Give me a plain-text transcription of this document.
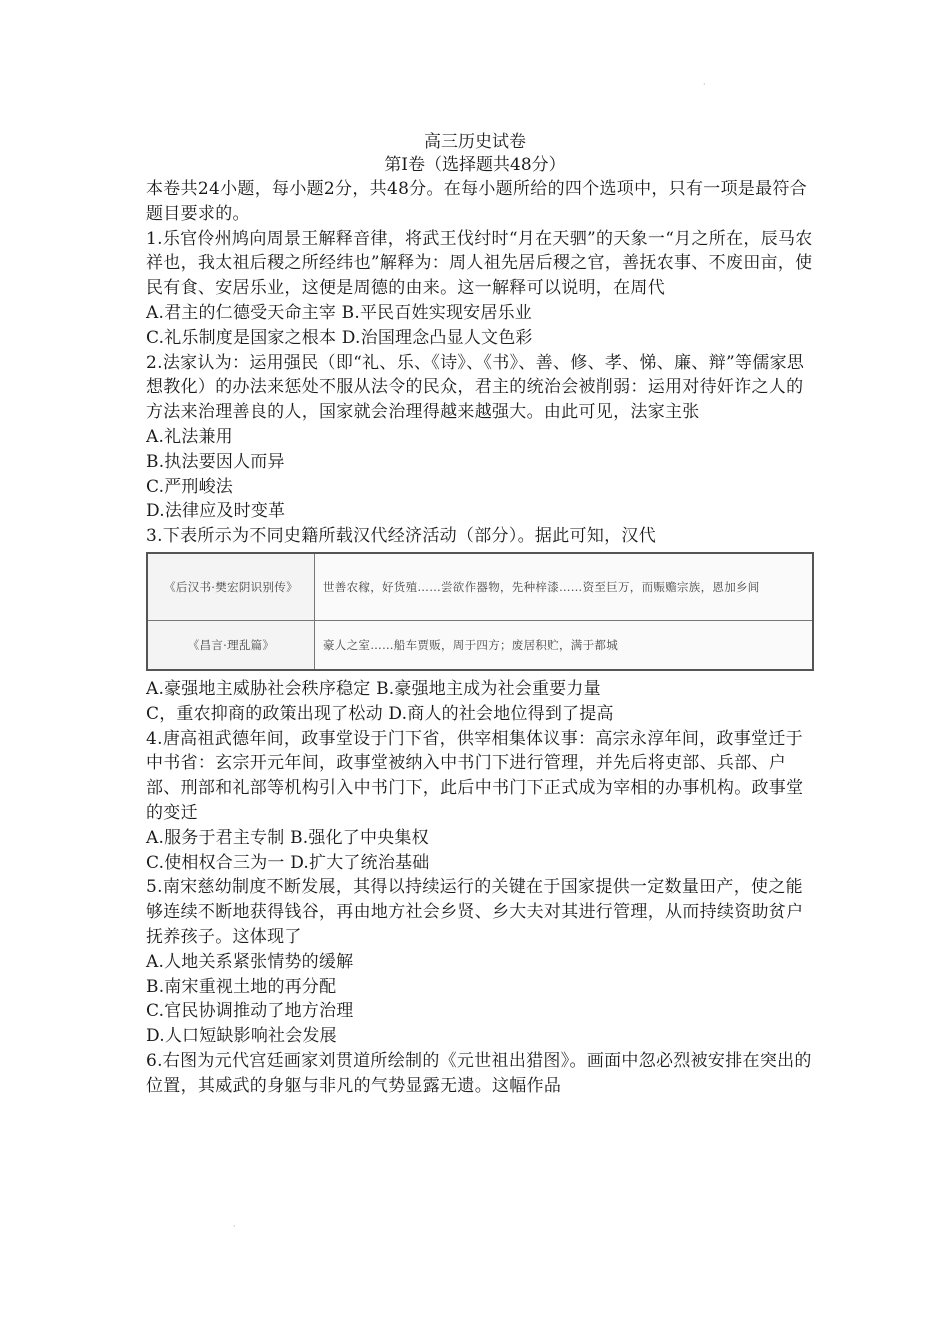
高三历史试卷
第Ⅰ卷（选择题共48分）

本卷共24小题，每小题2分，共48分。在每小题所给的四个选项中，只有一项是最符合题目要求的。

1.乐官伶州鸠向周景王解释音律，将武王伐纣时“月在天驷”的天象一“月之所在，辰马农祥也，我太祖后稷之所经纬也”解释为：周人祖先居后稷之官，善抚农事、不废田亩，使民有食、安居乐业，这便是周德的由来。这一解释可以说明，在周代

A.君主的仁德受天命主宰 B.平民百姓实现安居乐业

C.礼乐制度是国家之根本 D.治国理念凸显人文色彩

2.法家认为：运用强民（即“礼、乐、《诗》、《书》、善、修、孝、悌、廉、辩”等儒家思想教化）的办法来惩处不服从法令的民众，君主的统治会被削弱：运用对待奸诈之人的方法来治理善良的人，国家就会治理得越来越强大。由此可见，法家主张

A.礼法兼用

B.执法要因人而异

C.严刑峻法

D.法律应及时变革

3.下表所示为不同史籍所载汉代经济活动（部分）。据此可知，汉代

《后汉书·樊宏阴识别传》	世善农稼，好货殖……尝欲作器物，先种梓漆……资至巨万，而赈赡宗族，恩加乡闾
《昌言·理乱篇》	豪人之室……船车贾贩，周于四方；废居积贮，满于都城

A.豪强地主威胁社会秩序稳定 B.豪强地主成为社会重要力量

C，重农抑商的政策出现了松动 D.商人的社会地位得到了提高

4.唐高祖武德年间，政事堂设于门下省，供宰相集体议事：高宗永淳年间，政事堂迁于中书省：玄宗开元年间，政事堂被纳入中书门下进行管理，并先后将吏部、兵部、户部、刑部和礼部等机构引入中书门下，此后中书门下正式成为宰相的办事机构。政事堂的变迁

A.服务于君主专制 B.强化了中央集权

C.使相权合三为一 D.扩大了统治基础

5.南宋慈幼制度不断发展，其得以持续运行的关键在于国家提供一定数量田产，使之能够连续不断地获得钱谷，再由地方社会乡贤、乡大夫对其进行管理，从而持续资助贫户抚养孩子。这体现了

A.人地关系紧张情势的缓解

B.南宋重视土地的再分配

C.官民协调推动了地方治理

D.人口短缺影响社会发展

6.右图为元代宫廷画家刘贯道所绘制的《元世祖出猎图》。画面中忽必烈被安排在突出的位置，其威武的身躯与非凡的气势显露无遗。这幅作品

·
·
